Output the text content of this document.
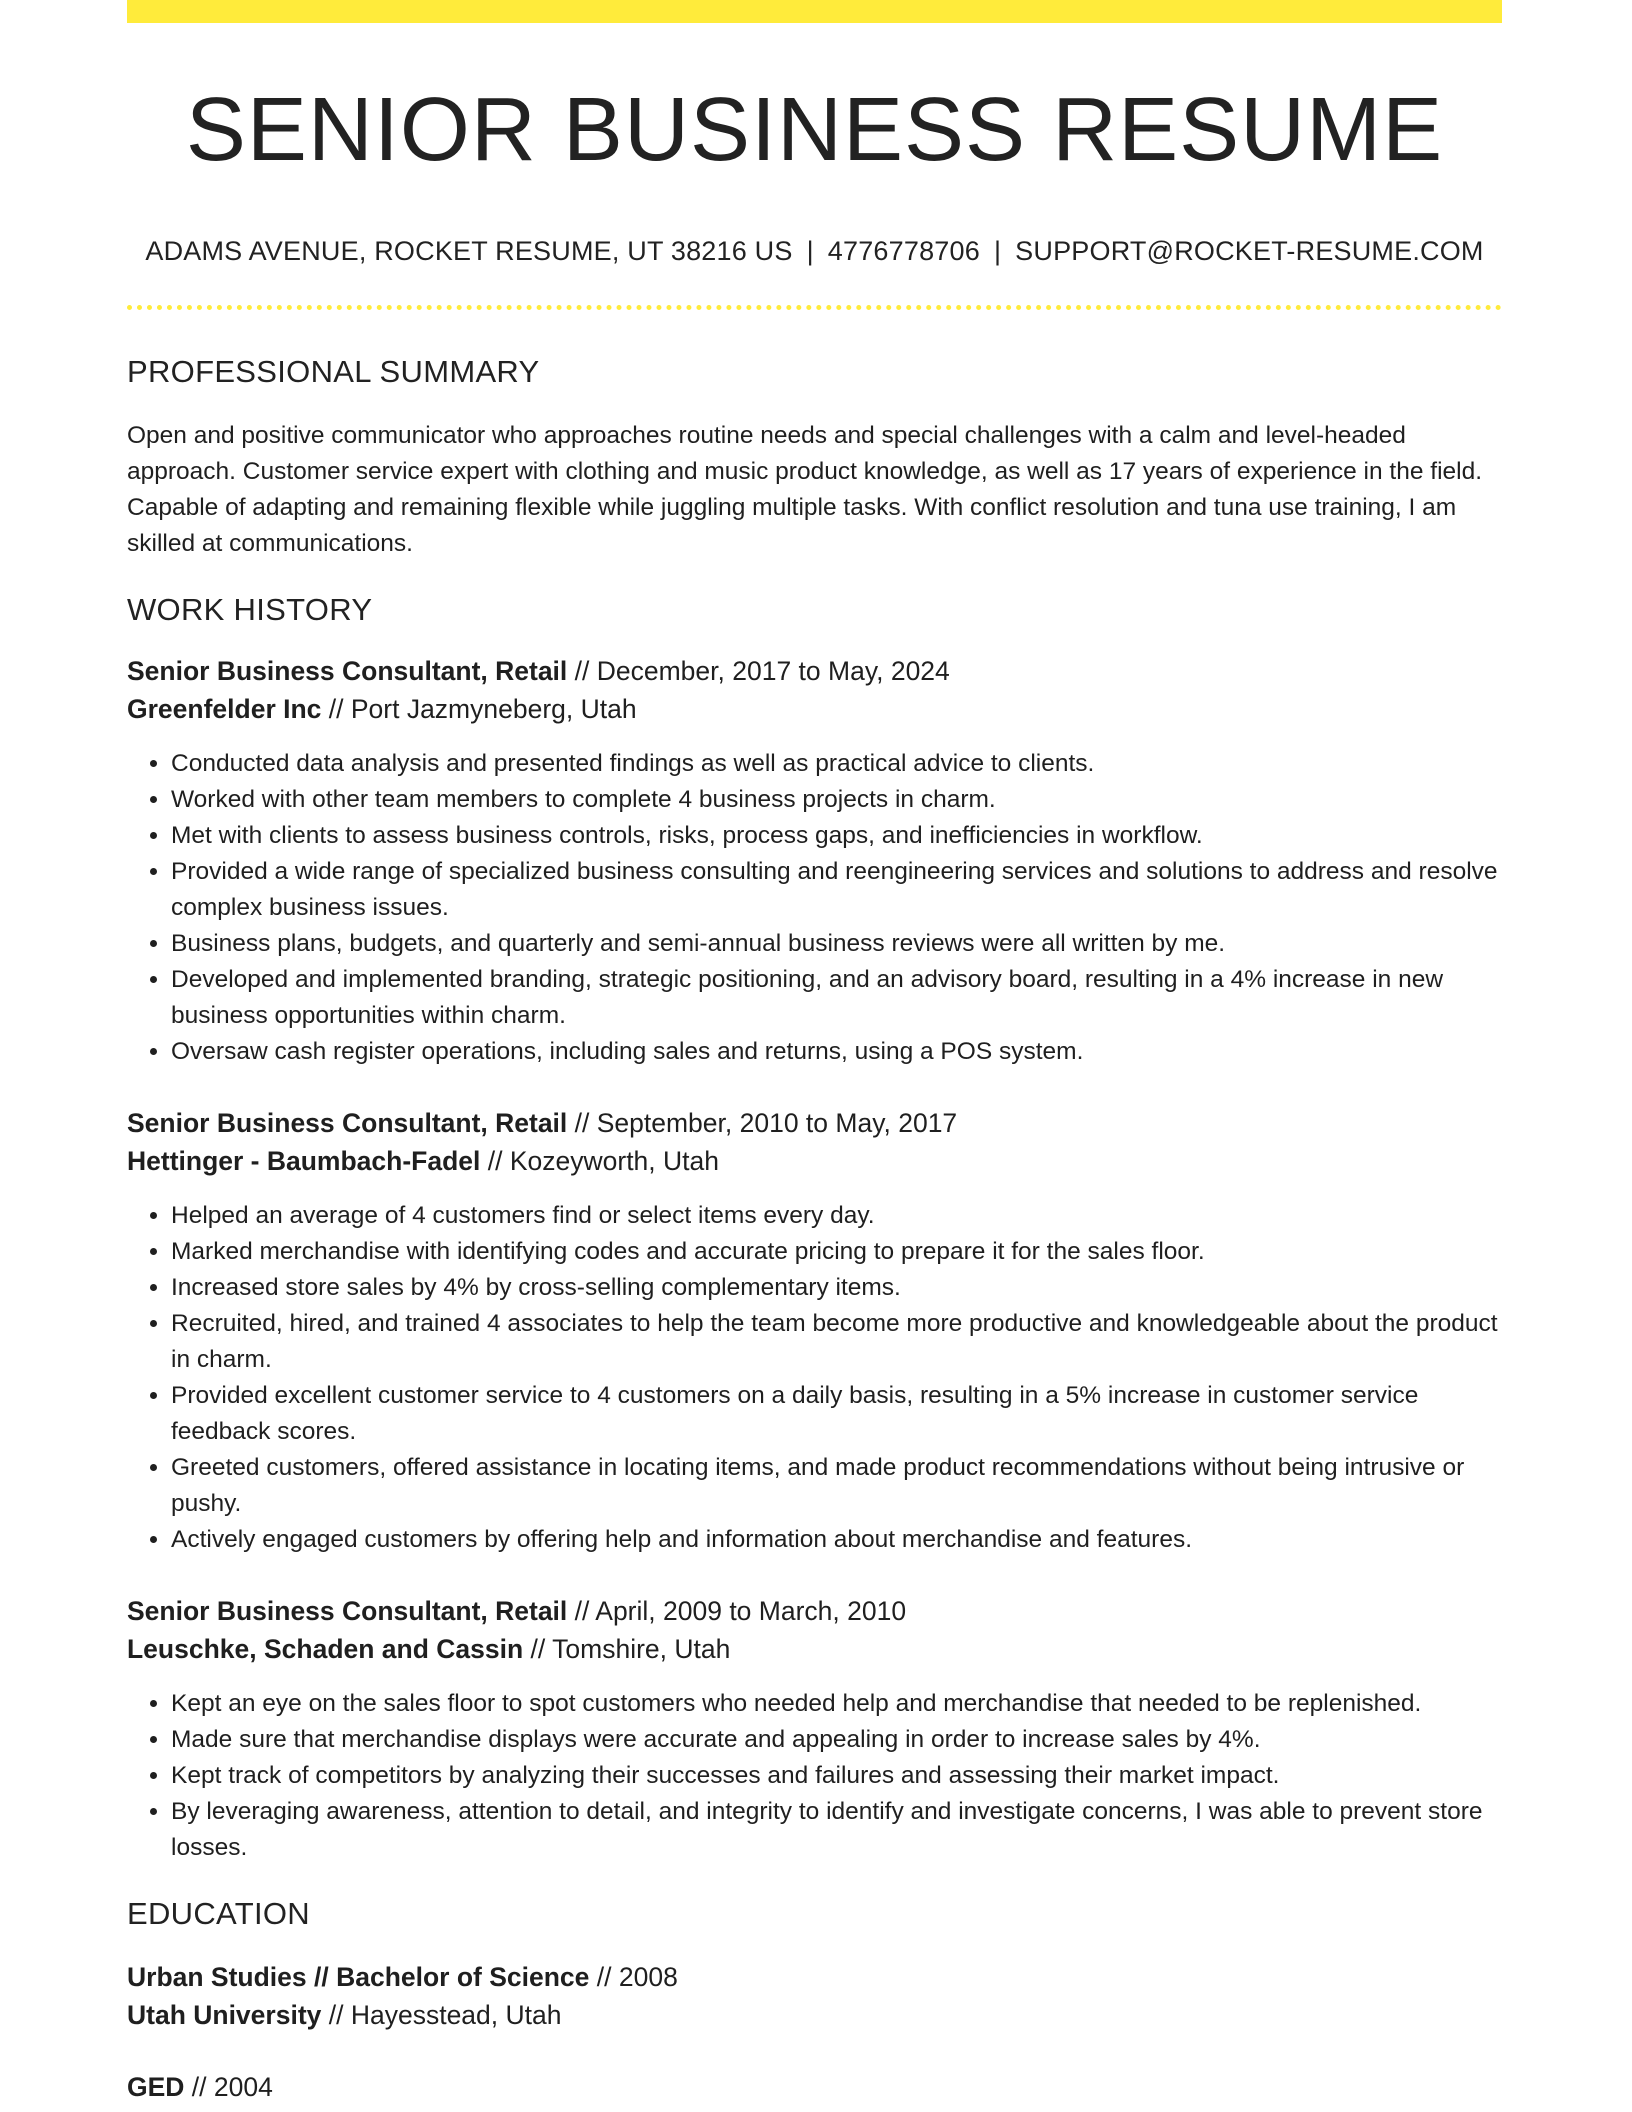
SENIOR BUSINESS RESUME
ADAMS AVENUE, ROCKET RESUME, UT 38216 US | 4776778706 | SUPPORT@ROCKET-RESUME.COM
PROFESSIONAL SUMMARY
Open and positive communicator who approaches routine needs and special challenges with a calm and level-headed approach. Customer service expert with clothing and music product knowledge, as well as 17 years of experience in the field. Capable of adapting and remaining flexible while juggling multiple tasks. With conflict resolution and tuna use training, I am skilled at communications.
WORK HISTORY
Senior Business Consultant, Retail // December, 2017 to May, 2024
Greenfelder Inc // Port Jazmyneberg, Utah
• Conducted data analysis and presented findings as well as practical advice to clients.
• Worked with other team members to complete 4 business projects in charm.
• Met with clients to assess business controls, risks, process gaps, and inefficiencies in workflow.
• Provided a wide range of specialized business consulting and reengineering services and solutions to address and resolve complex business issues.
• Business plans, budgets, and quarterly and semi-annual business reviews were all written by me.
• Developed and implemented branding, strategic positioning, and an advisory board, resulting in a 4% increase in new business opportunities within charm.
• Oversaw cash register operations, including sales and returns, using a POS system.
Senior Business Consultant, Retail // September, 2010 to May, 2017
Hettinger - Baumbach-Fadel // Kozeyworth, Utah
• Helped an average of 4 customers find or select items every day.
• Marked merchandise with identifying codes and accurate pricing to prepare it for the sales floor.
• Increased store sales by 4% by cross-selling complementary items.
• Recruited, hired, and trained 4 associates to help the team become more productive and knowledgeable about the product in charm.
• Provided excellent customer service to 4 customers on a daily basis, resulting in a 5% increase in customer service feedback scores.
• Greeted customers, offered assistance in locating items, and made product recommendations without being intrusive or pushy.
• Actively engaged customers by offering help and information about merchandise and features.
Senior Business Consultant, Retail // April, 2009 to March, 2010
Leuschke, Schaden and Cassin // Tomshire, Utah
• Kept an eye on the sales floor to spot customers who needed help and merchandise that needed to be replenished.
• Made sure that merchandise displays were accurate and appealing in order to increase sales by 4%.
• Kept track of competitors by analyzing their successes and failures and assessing their market impact.
• By leveraging awareness, attention to detail, and integrity to identify and investigate concerns, I was able to prevent store losses.
EDUCATION
Urban Studies // Bachelor of Science // 2008
Utah University // Hayesstead, Utah
GED // 2004
